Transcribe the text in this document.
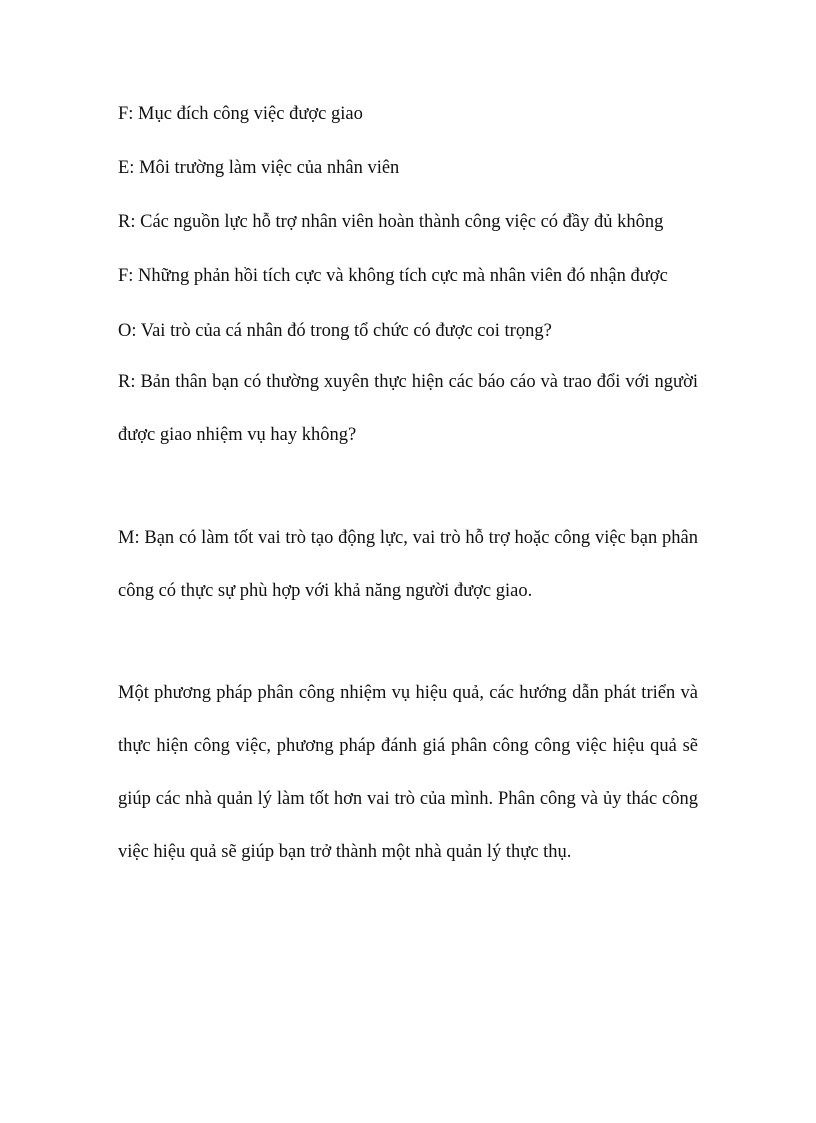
F: Mục đích công việc được giao

E: Môi trường làm việc của nhân viên

R: Các nguồn lực hỗ trợ nhân viên hoàn thành công việc có đầy đủ không

F: Những phản hồi tích cực và không tích cực mà nhân viên đó nhận được

O: Vai trò của cá nhân đó trong tổ chức có được coi trọng?

R: Bản thân bạn có thường xuyên thực hiện các báo cáo và trao đổi với người được giao nhiệm vụ hay không?

M: Bạn có làm tốt vai trò tạo động lực, vai trò hỗ trợ hoặc công việc bạn phân công có thực sự phù hợp với khả năng người được giao.

Một phương pháp phân công nhiệm vụ hiệu quả, các hướng dẫn phát triển và thực hiện công việc, phương pháp đánh giá phân công công việc hiệu quả sẽ giúp các nhà quản lý làm tốt hơn vai trò của mình. Phân công và ủy thác công việc hiệu quả sẽ giúp bạn trở thành một nhà quản lý thực thụ.
